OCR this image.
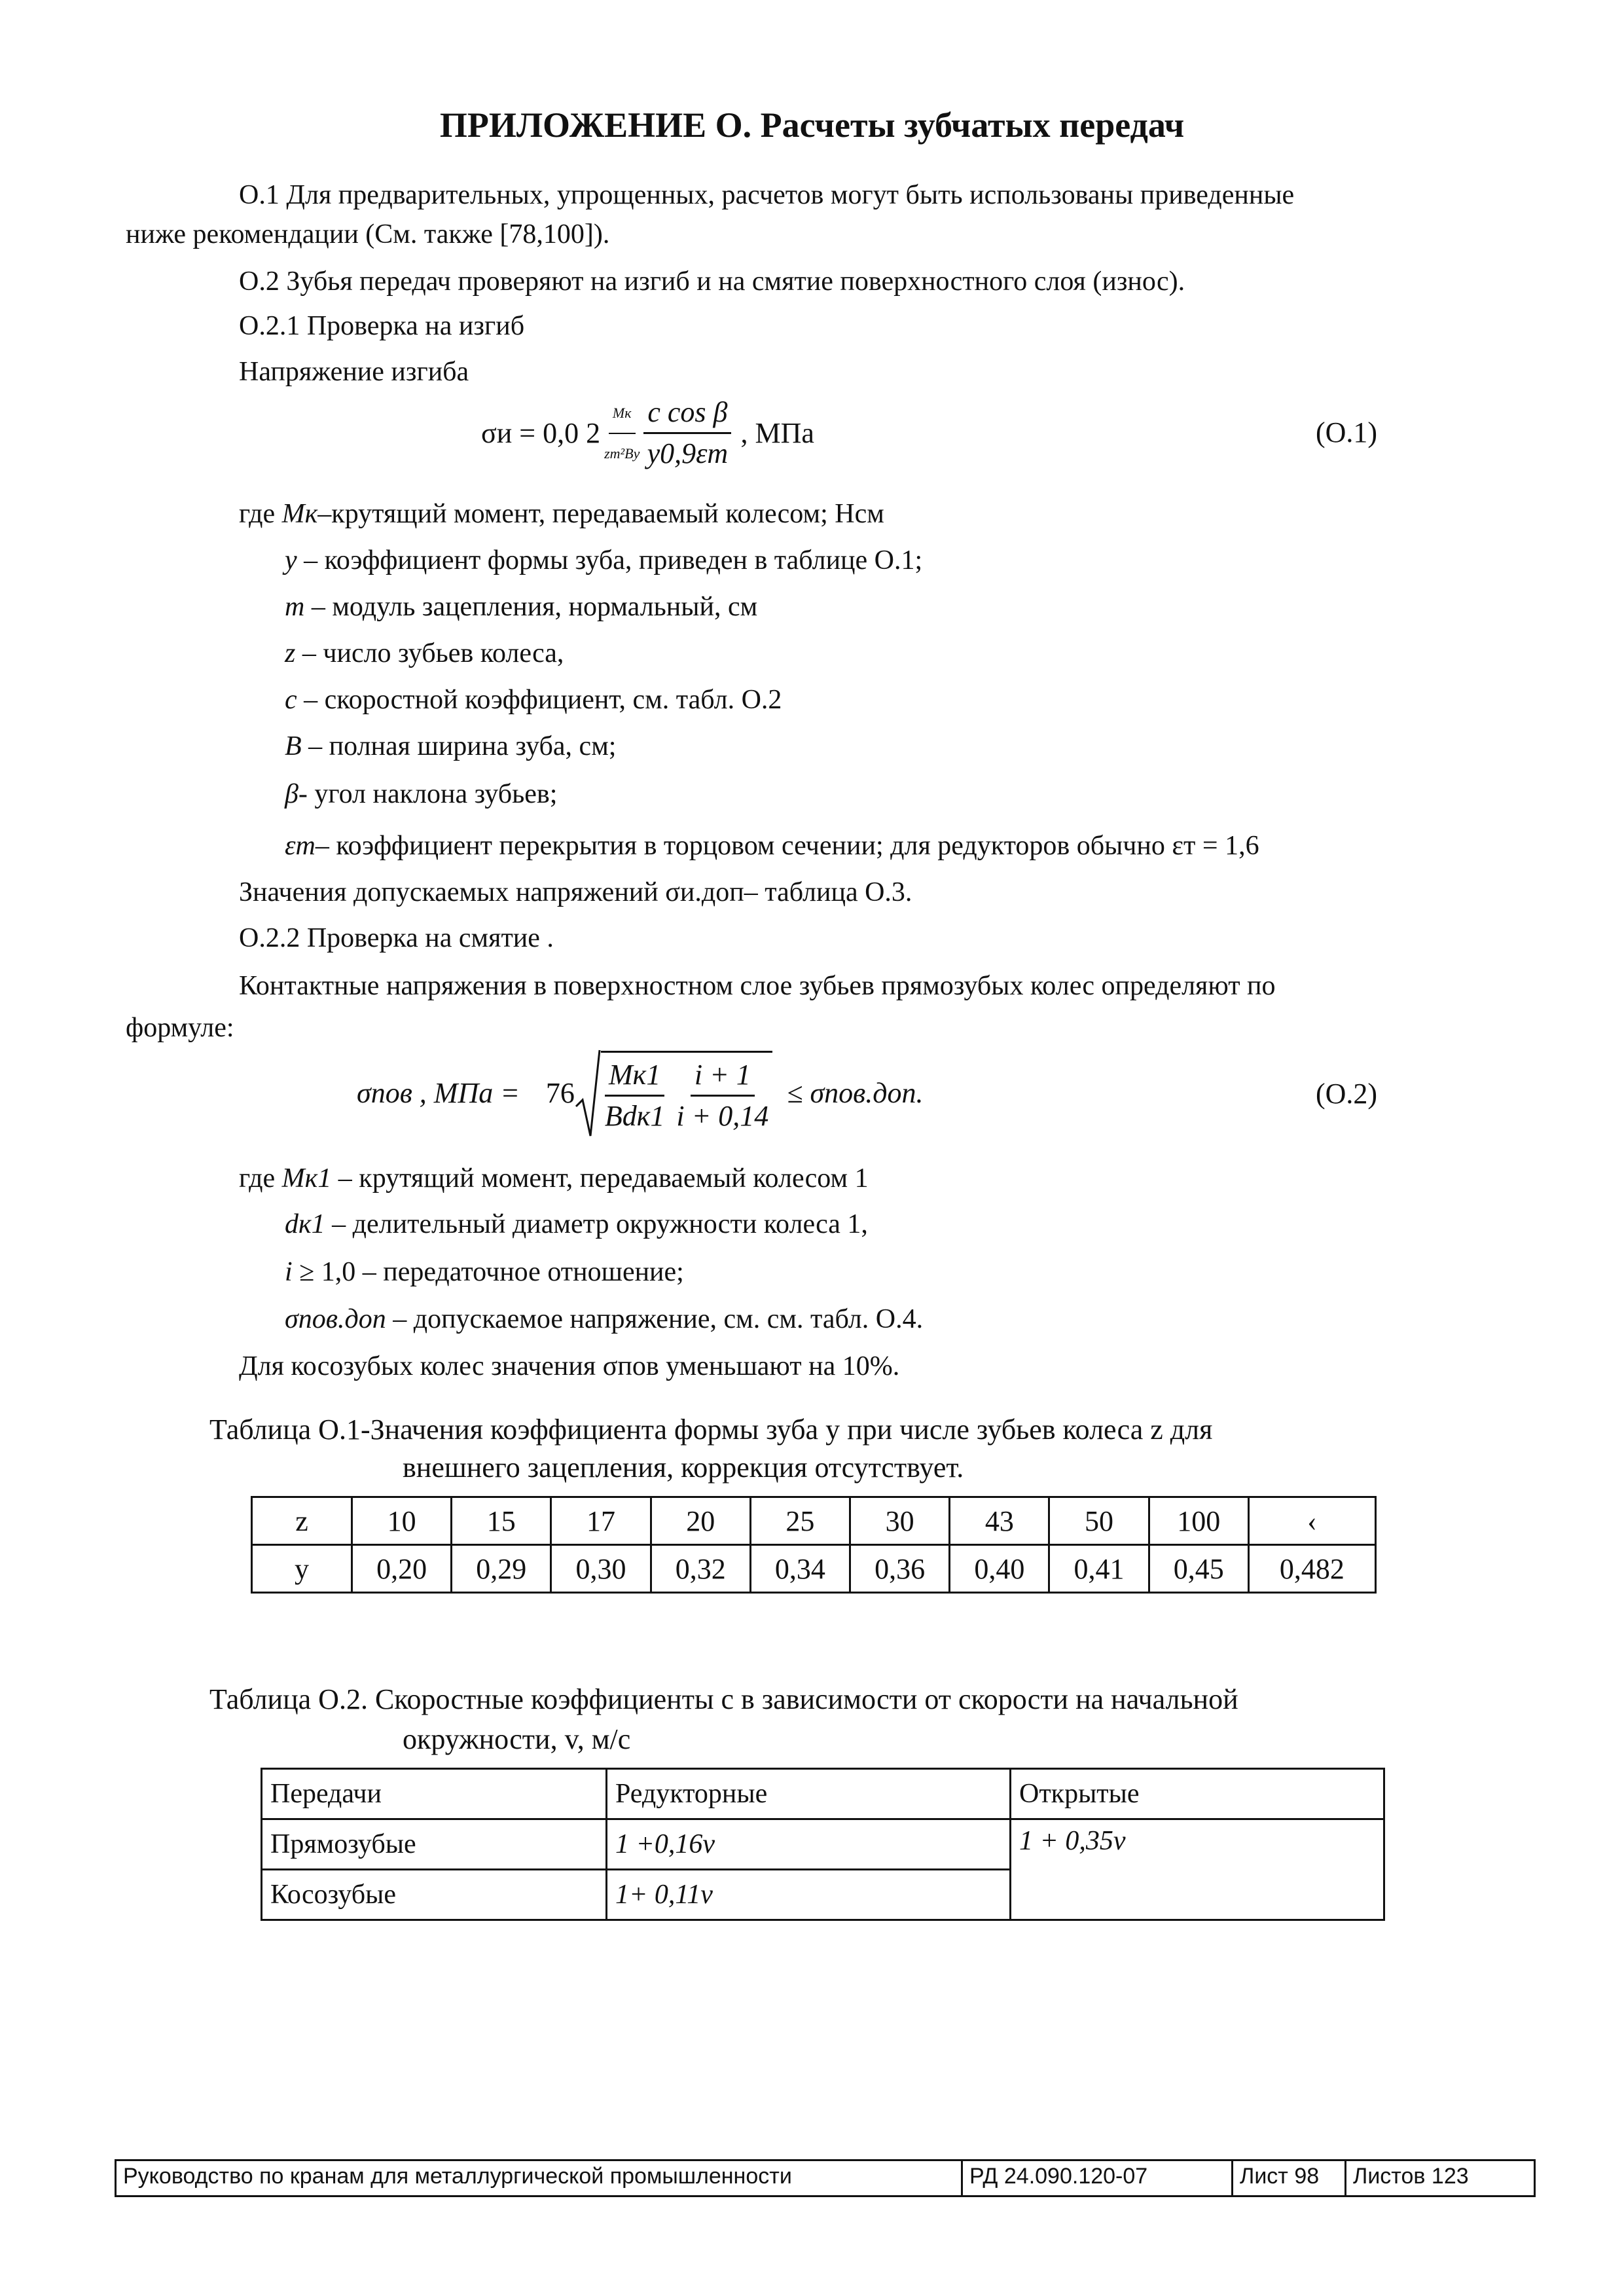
ПРИЛОЖЕНИЕ О. Расчеты зубчатых передач
О.1 Для предварительных, упрощенных, расчетов могут быть использованы приведенные
ниже рекомендации (См. также [78,100]).
О.2 Зубья передач проверяют на изгиб и на смятие поверхностного слоя (износ).
О.2.1 Проверка на изгиб
Напряжение изгиба
σи = 0,0 $2 \frac{Mк}{\text{zm²By}} \frac{\text{c cos β}}{y0,9\varepsilon т}$ , МПа	(O.1)
где Mк–крутящий момент, передаваемый колесом; Нсм
y – коэффициент формы зуба, приведен в таблице О.1;
m – модуль зацепления, нормальный, см
z – число зубьев колеса,
c – скоростной коэффициент, см. табл. О.2
B – полная ширина зуба, см;
β- угол наклона зубьев;
εт– коэффициент перекрытия в торцовом сечении; для редукторов обычно εт = 1,6
Значения допускаемых напряжений σи.доп– таблица О.3.
О.2.2 Проверка на смятие .
Контактные напряжения в поверхностном слое зубьев прямозубых колес определяют по
формуле:
σпов , МПа = $76 \frac{Mк1}{\text{Bdк1}} \frac{i + 1}{i + 0,14} \le \sigma пов.доп$.	(O.2)
где Mк1 – крутящий момент, передаваемый колесом 1
dк1 – делительный диаметр окружности колеса 1,
i ≥ 1,0 – передаточное отношение;
σпов.доп – допускаемое напряжение, см. см. табл. О.4.
Для косозубых колес значения σпов уменьшают на 10%.
Таблица О.1-Значения коэффициента формы зуба y при числе зубьев колеса z для
внешнего зацепления, коррекция отсутствует.
z	10	15	17	20	25	30	43	50	100	‹
y	0,20	0,29	0,30	0,32	0,34	0,36	0,40	0,41	0,45	0,482
Таблица О.2. Скоростные коэффициенты с в зависимости от скорости на начальной
окружности, v, м/с
Передачи	Редукторные	Открытые
Прямозубые	1 +0,16v	1 + 0,35v
Косозубые	1+ 0,11v	
Руководство по кранам для металлургической промышленности	РД 24.090.120-07	Лист 98	Листов 123
